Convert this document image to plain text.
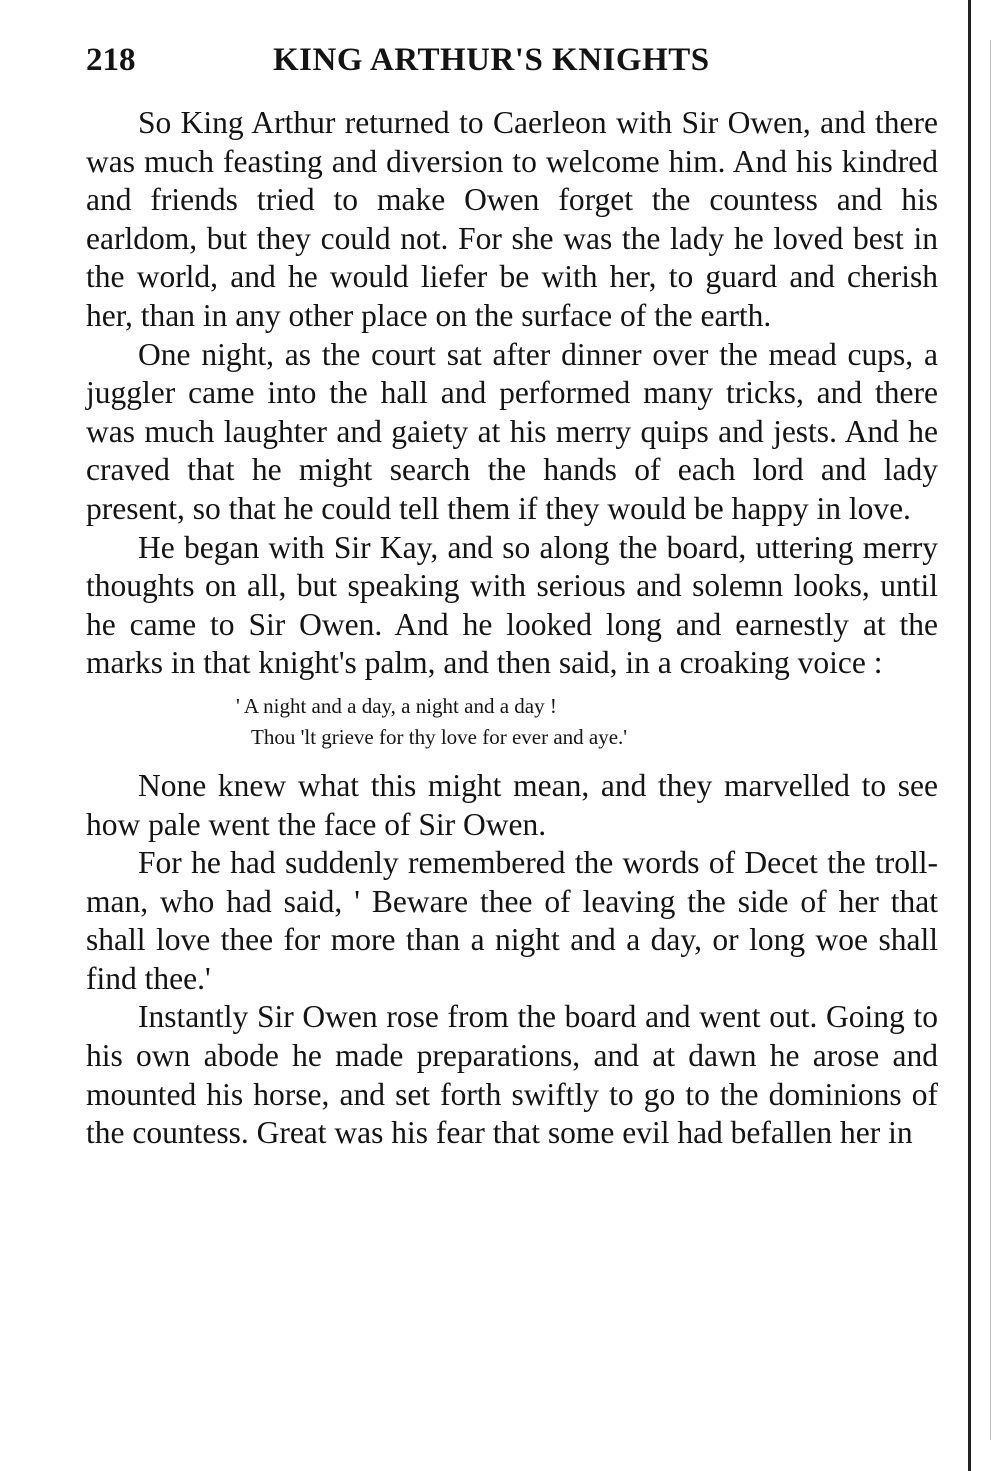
218	KING ARTHUR'S KNIGHTS

So King Arthur returned to Caerleon with Sir Owen, and there was much feasting and diversion to welcome him. And his kindred and friends tried to make Owen forget the countess and his earldom, but they could not. For she was the lady he loved best in the world, and he would liefer be with her, to guard and cherish her, than in any other place on the surface of the earth.

One night, as the court sat after dinner over the mead cups, a juggler came into the hall and performed many tricks, and there was much laughter and gaiety at his merry quips and jests. And he craved that he might search the hands of each lord and lady present, so that he could tell them if they would be happy in love.

He began with Sir Kay, and so along the board, uttering merry thoughts on all, but speaking with serious and solemn looks, until he came to Sir Owen. And he looked long and earnestly at the marks in that knight's palm, and then said, in a croaking voice :

' A night and a day, a night and a day !
Thou 'lt grieve for thy love for ever and aye.'

None knew what this might mean, and they marvelled to see how pale went the face of Sir Owen.

For he had suddenly remembered the words of Decet the troll-man, who had said, ' Beware thee of leaving the side of her that shall love thee for more than a night and a day, or long woe shall find thee.'

Instantly Sir Owen rose from the board and went out. Going to his own abode he made preparations, and at dawn he arose and mounted his horse, and set forth swiftly to go to the dominions of the countess. Great was his fear that some evil had befallen her in
